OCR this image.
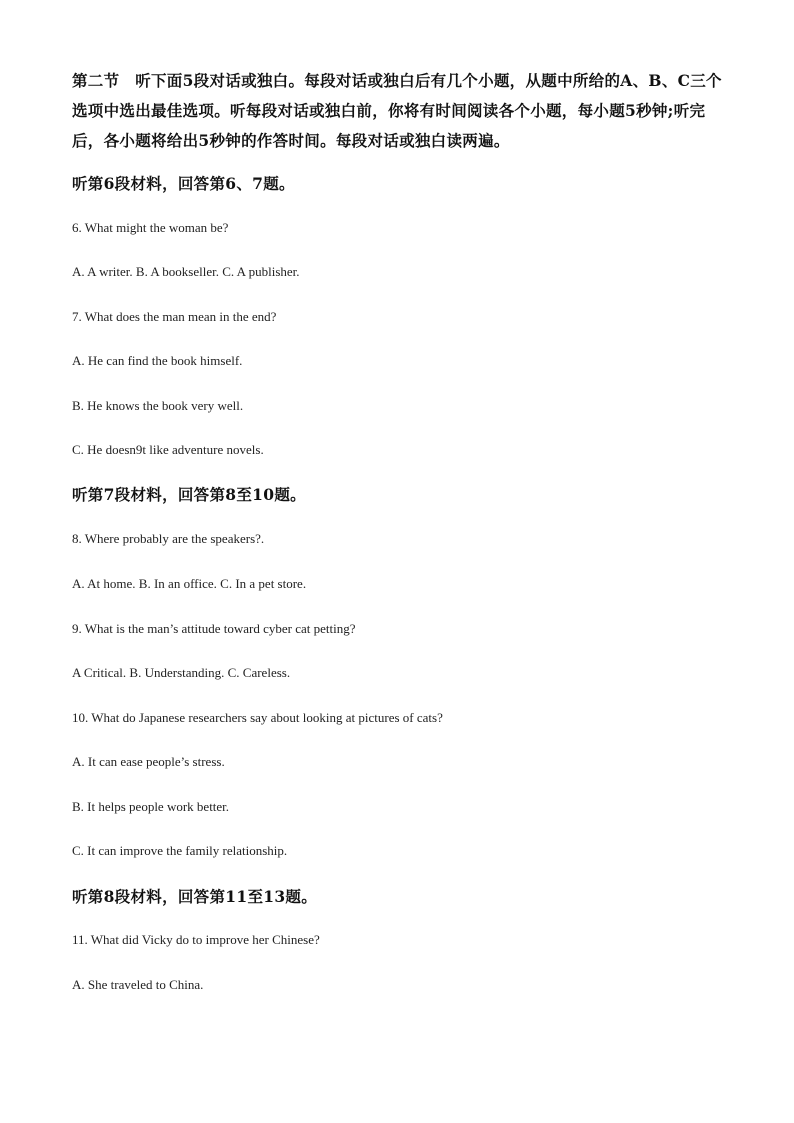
第二节　听下面5段对话或独白。每段对话或独白后有几个小题，从题中所给的A、B、C三个选项中选出最佳选项。听每段对话或独白前，你将有时间阅读各个小题，每小题5秒钟;听完后，各小题将给出5秒钟的作答时间。每段对话或独白读两遍。
听第6段材料，回答第6、7题。
6. What might the woman be?
A. A writer. B. A bookseller. C. A publisher.
7. What does the man mean in the end?
A. He can find the book himself.
B. He knows the book very well.
C. He doesn9t like adventure novels.
听第7段材料，回答第8至10题。
8. Where probably are the speakers?.
A. At home. B. In an office. C. In a pet store.
9. What is the man’s attitude toward cyber cat petting?
A Critical. B. Understanding. C. Careless.
10. What do Japanese researchers say about looking at pictures of cats?
A. It can ease people’s stress.
B. It helps people work better.
C. It can improve the family relationship.
听第8段材料，回答第11至13题。
11. What did Vicky do to improve her Chinese?
A. She traveled to China.
